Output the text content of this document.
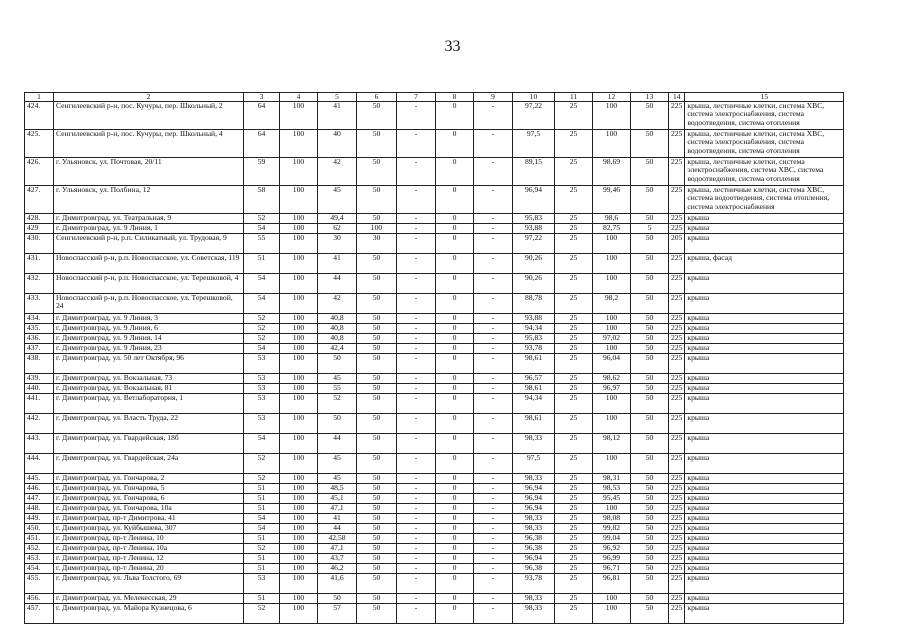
33
1	2	3	4	5	6	7	8	9	10	11	12	13	14	15
424.	Сенгилеевский р-н, пос. Кучуры, пер. Школьный, 2	64	100	41	50	-	0	-	97,22	25	100	50	225	крыша, лестничные клетки, система ХВС, система электроснабжения, система водоотведения, система отопления
425.	Сенгилеевский р-н, пос. Кучуры, пер. Школьный, 4	64	100	40	50	-	0	-	97,5	25	100	50	225	крыша, лестничные клетки, система ХВС, система электроснабжения, система водоотведения, система отопления
426.	г. Ульяновск, ул. Почтовая, 20/11	59	100	42	50	-	0	-	89,15	25	98,69	50	225	крыша, лестничные клетки, система электроснабжения, система ХВС, система водоотведения, система отопления
427.	г. Ульяновск, ул. Полбина, 12	58	100	45	50	-	0	-	96,94	25	99,46	50	225	крыша, лестничные клетки, система ХВС, система водоотведения, система отопления, система электроснабжения
428.	г. Димитровград, ул. Театральная, 9	52	100	49,4	50	-	0	-	95,83	25	98,6	50	225	крыша
429	г. Димитровград, ул. 9 Линия, 1	54	100	62	100	-	0	-	93,88	25	82,75	5	225	крыша
430.	Сенгилеевский р-н, р.п. Силикатный, ул. Трудовая, 9	55	100	30	30	-	0	-	97,22	25	100	50	205	крыша
431.	Новоспасский р-н, р.п. Новоспасское, ул. Советская, 119	51	100	41	50	-	0	-	90,26	25	100	50	225	крыша, фасад
432.	Новоспасский р-н, р.п. Новоспасское, ул. Терешковой, 4	54	100	44	50	-	0	-	90,26	25	100	50	225	крыша
433.	Новоспасский р-н, р.п. Новоспасское, ул. Терешковой, 24	54	100	42	50	-	0	-	88,78	25	98,2	50	225	крыша
434.	г. Димитровград, ул. 9 Линия, 3	52	100	40,8	50	-	0	-	93,88	25	100	50	225	крыша
435.	г. Димитровград, ул. 9 Линия, 6	52	100	40,8	50	-	0	-	94,34	25	100	50	225	крыша
436.	г. Димитровград, ул. 9 Линия, 14	52	100	40,8	50	-	0	-	95,83	25	97,02	50	225	крыша
437.	г. Димитровград, ул. 9 Линия, 23	54	100	42,4	50	-	0	-	93,78	25	100	50	225	крыша
438.	г. Димитровград, ул. 50 лет Октября, 96	53	100	50	50	-	0	-	98,61	25	96,04	50	225	крыша
439.	г. Димитровград, ул. Вокзальная, 73	53	100	45	50	-	0	-	96,57	25	98,62	50	225	крыша
440.	г. Димитровград, ул. Вокзальная, 81	53	100	55	50	-	0	-	98,61	25	96,97	50	225	крыша
441.	г. Димитровград, ул. Ветлабораторня, 1	53	100	52	50	-	0	-	94,34	25	100	50	225	крыша
442.	г. Димитровград, ул. Власть Труда, 22	53	100	50	50	-	0	-	98,61	25	100	50	225	крыша
443.	г. Димитровград, ул. Гвардейская, 18б	54	100	44	50	-	0	-	98,33	25	98,12	50	225	крыша
444.	г. Димитровград, ул. Гвардейская, 24а	52	100	45	50	-	0	-	97,5	25	100	50	225	крыша
445.	г. Димитровград, ул. Гончарова, 2	52	100	45	50	-	0	-	98,33	25	98,31	50	225	крыша
446.	г. Димитровград, ул. Гончарова, 5	51	100	48,5	50	-	0	-	96,94	25	98,53	50	225	крыша
447.	г. Димитровград, ул. Гончарова, 6	51	100	45,1	50	-	0	-	96,94	25	95,45	50	225	крыша
448.	г. Димитровград, ул. Гончарова, 10а	51	100	47,1	50	-	0	-	96,94	25	100	50	225	крыша
449.	г. Димитровград, пр-т Димитрова, 41	54	100	41	50	-	0	-	98,33	25	98,08	50	225	крыша
450.	г. Димитровград, ул. Куйбышева, 307	54	100	44	50	-	0	-	98,33	25	99,82	50	225	крыша
451.	г. Димитровград, пр-т Ленина, 10	51	100	42,58	50	-	0	-	96,38	25	99,04	50	225	крыша
452.	г. Димитровград, пр-т Ленина, 10а	52	100	47,1	50	-	0	-	96,38	25	96,92	50	225	крыша
453.	г. Димитровград, пр-т Ленина, 12	51	100	43,7	50	-	0	-	96,94	25	96,99	50	225	крыша
454.	г. Димитровград, пр-т Ленина, 20	51	100	46,2	50	-	0	-	96,38	25	96,71	50	225	крыша
455.	г. Димитровград, ул. Льва Толстого, 69	53	100	41,6	50	-	0	-	93,78	25	96,81	50	225	крыша
456.	г. Димитровград, ул. Мелекесская, 29	51	100	50	50	-	0	-	98,33	25	100	50	225	крыша
457.	г. Димитровград, ул. Майора Кузнецова, 6	52	100	57	50	-	0	-	98,33	25	100	50	225	крыша
